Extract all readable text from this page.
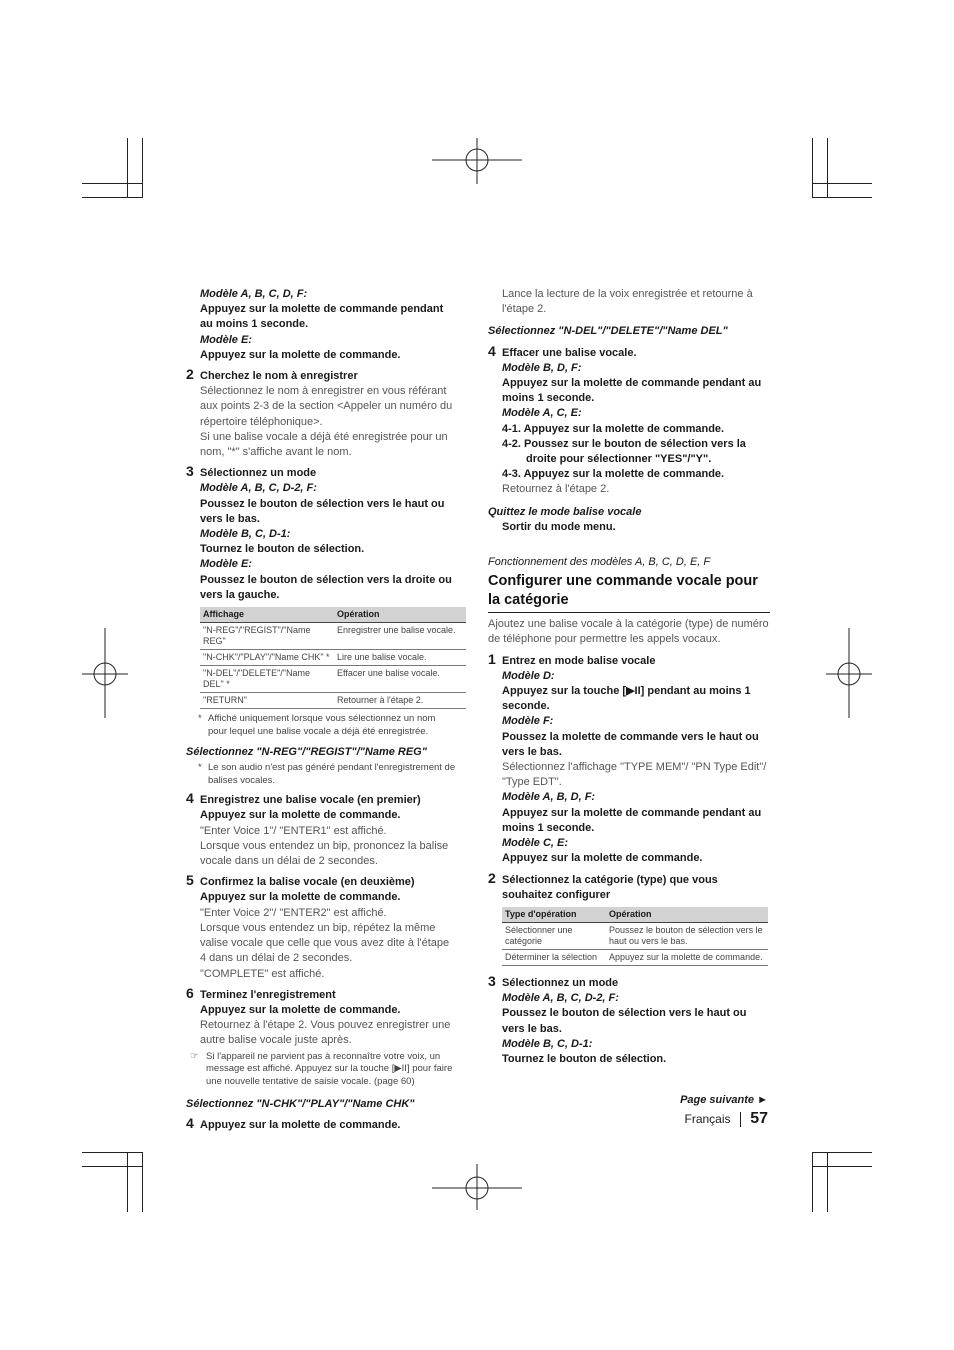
Modèle A, B, C, D, F:

Appuyez sur la molette de commande pendant au moins 1 seconde.

Modèle E:

Appuyez sur la molette de commande.

2 Cherchez le nom à enregistrer

Sélectionnez le nom à enregistrer en vous référant aux points 2-3 de la section <Appeler un numéro du répertoire téléphonique>.

Si une balise vocale a déjà été enregistrée pour un nom, "*" s'affiche avant le nom.

3 Sélectionnez un mode

Modèle A, B, C, D-2, F:

Poussez le bouton de sélection vers le haut ou vers le bas.

Modèle B, C, D-1:

Tournez le bouton de sélection.

Modèle E:

Poussez le bouton de sélection vers la droite ou vers la gauche.

Affichage	Opération
"N-REG"/"REGIST"/"Name REG"	Enregistrer une balise vocale.
"N-CHK"/"PLAY"/"Name CHK" *	Lire une balise vocale.
"N-DEL"/"DELETE"/"Name DEL" *	Effacer une balise vocale.
"RETURN"	Retourner à l'étape 2.
* Affiché uniquement lorsque vous sélectionnez un nom pour lequel une balise vocale a déjà été enregistrée.

Sélectionnez "N-REG"/"REGIST"/"Name REG"

* Le son audio n'est pas généré pendant l'enregistrement de balises vocales.
4 Enregistrez une balise vocale (en premier)

Appuyez sur la molette de commande.

"Enter Voice 1"/ "ENTER1" est affiché.

Lorsque vous entendez un bip, prononcez la balise vocale dans un délai de 2 secondes.

5 Confirmez la balise vocale (en deuxième)

Appuyez sur la molette de commande.

"Enter Voice 2"/ "ENTER2" est affiché.

Lorsque vous entendez un bip, répétez la même valise vocale que celle que vous avez dite à l'étape 4 dans un délai de 2 secondes.

"COMPLETE" est affiché.

6 Terminez l'enregistrement

Appuyez sur la molette de commande.

Retournez à l'étape 2. Vous pouvez enregistrer une autre balise vocale juste après.

☞ Si l'appareil ne parvient pas à reconnaître votre voix, un message est affiché. Appuyez sur la touche [▶II] pour faire une nouvelle tentative de saisie vocale. (page 60)

Sélectionnez "N-CHK"/"PLAY"/"Name CHK"

4 Appuyez sur la molette de commande.

Lance la lecture de la voix enregistrée et retourne à l'étape 2.

Sélectionnez "N-DEL"/"DELETE"/"Name DEL"

4 Effacer une balise vocale.

Modèle B, D, F:

Appuyez sur la molette de commande pendant au moins 1 seconde.

Modèle A, C, E:

4-1. Appuyez sur la molette de commande.

4-2. Poussez sur le bouton de sélection vers la

droite pour sélectionner "YES"/"Y".

4-3. Appuyez sur la molette de commande.

Retournez à l'étape 2.

Quittez le mode balise vocale

Sortir du mode menu.

Fonctionnement des modèles A, B, C, D, E, F

Configurer une commande vocale pour la catégorie

Ajoutez une balise vocale à la catégorie (type) de numéro de téléphone pour permettre les appels vocaux.

1 Entrez en mode balise vocale

Modèle D:

Appuyez sur la touche [▶II] pendant au moins 1 seconde.

Modèle F:

Poussez la molette de commande vers le haut ou vers le bas.

Sélectionnez l'affichage "TYPE MEM"/ "PN Type Edit"/ "Type EDT".

Modèle A, B, D, F:

Appuyez sur la molette de commande pendant au moins 1 seconde.

Modèle C, E:

Appuyez sur la molette de commande.

2 Sélectionnez la catégorie (type) que vous souhaitez configurer

Type d'opération	Opération
Sélectionner une catégorie	Poussez le bouton de sélection vers le haut ou vers le bas.
Déterminer la sélection	Appuyez sur la molette de commande.
3 Sélectionnez un mode

Modèle A, B, C, D-2, F:

Poussez le bouton de sélection vers le haut ou vers le bas.

Modèle B, C, D-1:

Tournez le bouton de sélection.

Page suivante ►
Français 57
